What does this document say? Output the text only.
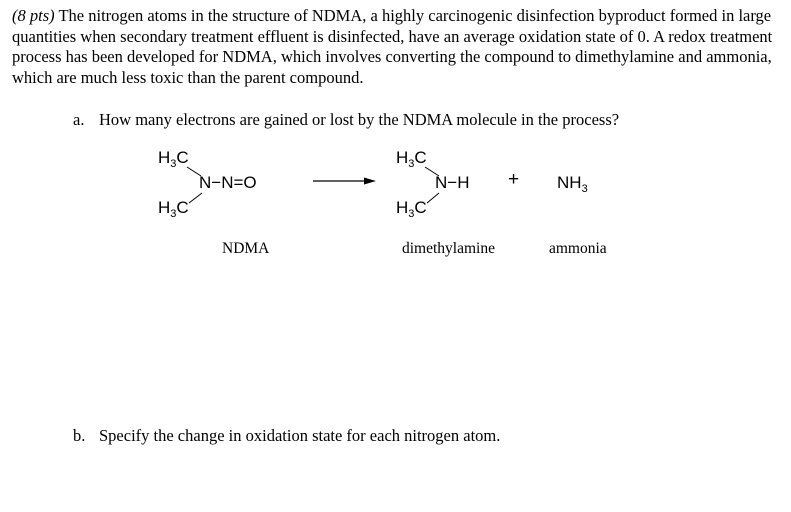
(8 pts) The nitrogen atoms in the structure of NDMA, a highly carcinogenic disinfection byproduct formed in large quantities when secondary treatment effluent is disinfected, have an average oxidation state of 0. A redox treatment process has been developed for NDMA, which involves converting the compound to dimethylamine and ammonia, which are much less toxic than the parent compound.
a. How many electrons are gained or lost by the NDMA molecule in the process?
$H_3C$
N−N=O
$H_3C$
$H_3C$
N−H
$H_3C$
+ $NH_3$
NDMA	dimethylamine	ammonia
b. Specify the change in oxidation state for each nitrogen atom.
